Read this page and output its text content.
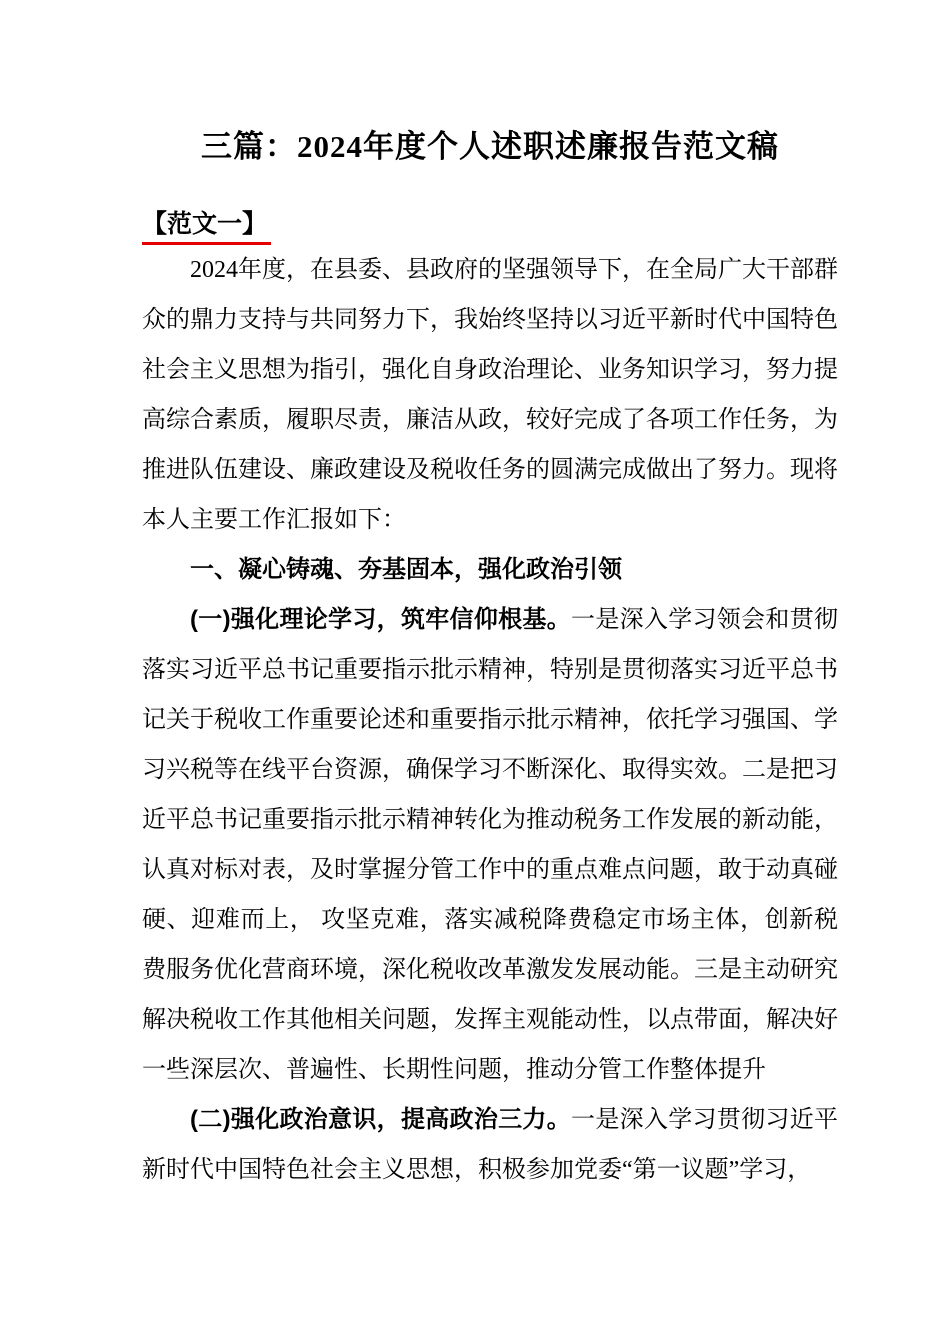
三篇：2024年度个人述职述廉报告范文稿
【范文一】

2024年度，在县委、县政府的坚强领导下，在全局广大干部群众的鼎力支持与共同努力下，我始终坚持以习近平新时代中国特色社会主义思想为指引，强化自身政治理论、业务知识学习，努力提高综合素质，履职尽责，廉洁从政，较好完成了各项工作任务，为推进队伍建设、廉政建设及税收任务的圆满完成做出了努力。现将本人主要工作汇报如下：

一、凝心铸魂、夯基固本，强化政治引领

(一)强化理论学习，筑牢信仰根基。一是深入学习领会和贯彻落实习近平总书记重要指示批示精神，特别是贯彻落实习近平总书记关于税收工作重要论述和重要指示批示精神，依托学习强国、学习兴税等在线平台资源，确保学习不断深化、取得实效。二是把习近平总书记重要指示批示精神转化为推动税务工作发展的新动能，认真对标对表，及时掌握分管工作中的重点难点问题，敢于动真碰硬、迎难而上， 攻坚克难，落实减税降费稳定市场主体，创新税费服务优化营商环境，深化税收改革激发发展动能。三是主动研究解决税收工作其他相关问题，发挥主观能动性，以点带面，解决好一些深层次、普遍性、长期性问题，推动分管工作整体提升

(二)强化政治意识，提高政治三力。一是深入学习贯彻习近平新时代中国特色社会主义思想，积极参加党委“第一议题”学习，
